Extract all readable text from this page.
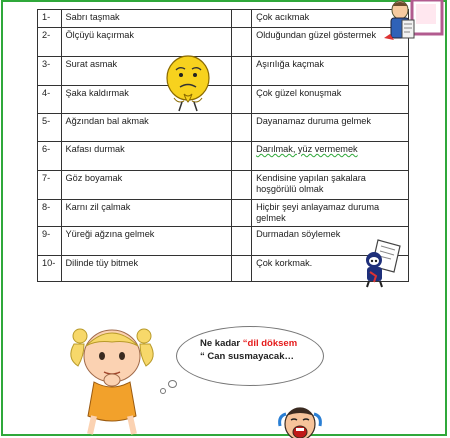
1-	Sabrı taşmak		Çok acıkmak
2-	Ölçüyü kaçırmak		Olduğundan güzel göstermek
3-	Surat asmak		Aşırılığa kaçmak
4-	Şaka kaldırmak		Çok güzel konuşmak
5-	Ağzından bal akmak		Dayanamaz duruma gelmek
6-	Kafası durmak		Darılmak, yüz vermemek
7-	Göz boyamak		Kendisine yapılan şakalara hoşgörülü olmak
8-	Karnı zil çalmak		Hiçbir şeyi anlayamaz duruma gelmek
9-	Yüreği ağzına gelmek		Durmadan söylemek
10-	Dilinde tüy bitmek		Çok korkmak.
Ne kadar “dil döksem
“ Can susmayacak…
